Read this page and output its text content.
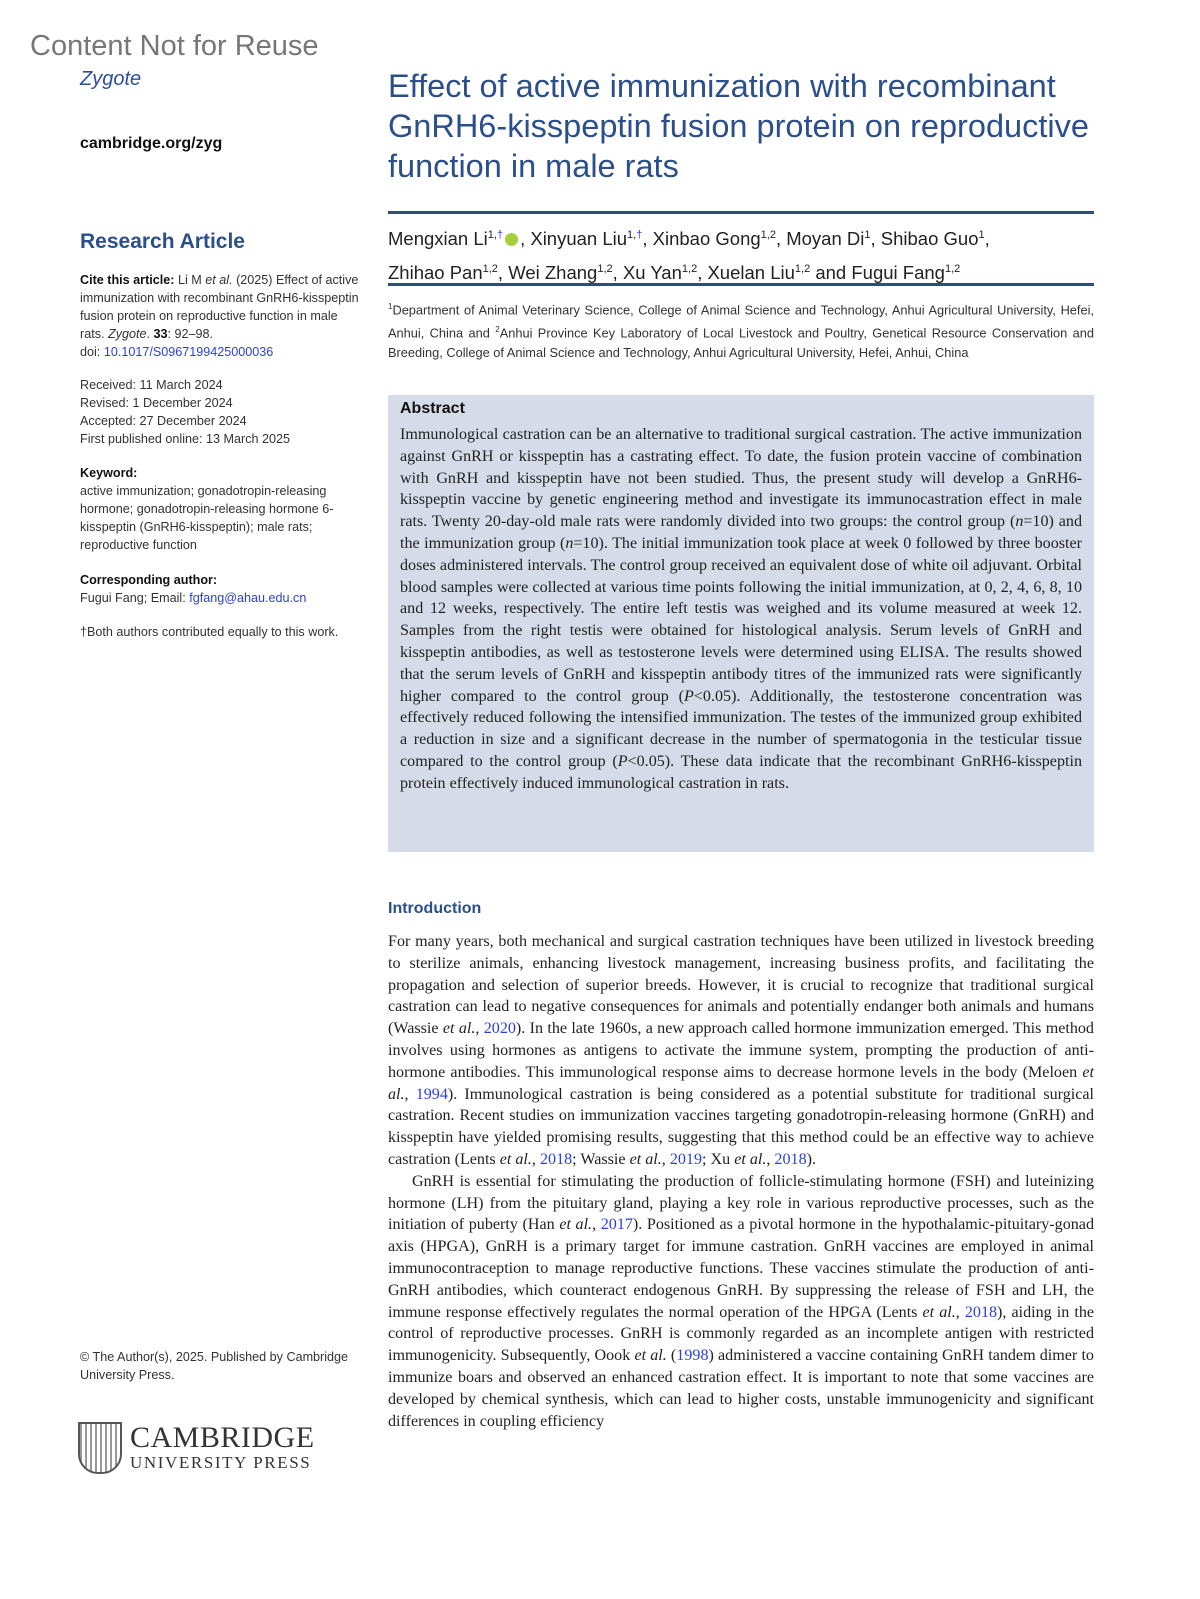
Content Not for Reuse
Zygote
cambridge.org/zyg
Research Article
Cite this article: Li M et al. (2025) Effect of active immunization with recombinant GnRH6-kisspeptin fusion protein on reproductive function in male rats. Zygote. 33: 92–98.
doi: 10.1017/S0967199425000036
Received: 11 March 2024
Revised: 1 December 2024
Accepted: 27 December 2024
First published online: 13 March 2025
Keyword:
active immunization; gonadotropin-releasing hormone; gonadotropin-releasing hormone 6-kisspeptin (GnRH6-kisspeptin); male rats; reproductive function
Corresponding author:
Fugui Fang; Email: fgfang@ahau.edu.cn
†Both authors contributed equally to this work.
© The Author(s), 2025. Published by Cambridge University Press.
CAMBRIDGE
UNIVERSITY PRESS
Effect of active immunization with recombinant GnRH6-kisspeptin fusion protein on reproductive function in male rats
Mengxian $Li^{1,\dagger}$ , Xinyuan Liu$^{1,\dagger}$, Xinbao Gong$^{1,2}$, Moyan Di$^1$, Shibao Guo$^1$,
Zhihao Pan$^{1,2}$, Wei Zhang$^{1,2}$, Xu Yan$^{1,2}$, Xuelan Liu$^{1,2}$ and Fugui Fang$^{1,2}$
$^1$Department of Animal Veterinary Science, College of Animal Science and Technology, Anhui Agricultural University, Hefei, Anhui, China and $^2$Anhui Province Key Laboratory of Local Livestock and Poultry, Genetical Resource Conservation and Breeding, College of Animal Science and Technology, Anhui Agricultural University, Hefei, Anhui, China
Abstract
Immunological castration can be an alternative to traditional surgical castration. The active immunization against GnRH or kisspeptin has a castrating effect. To date, the fusion protein vaccine of combination with GnRH and kisspeptin have not been studied. Thus, the present study will develop a GnRH6-kisspeptin vaccine by genetic engineering method and investigate its immunocastration effect in male rats. Twenty 20-day-old male rats were randomly divided into two groups: the control group (n=10) and the immunization group (n=10). The initial immunization took place at week 0 followed by three booster doses administered intervals. The control group received an equivalent dose of white oil adjuvant. Orbital blood samples were collected at various time points following the initial immunization, at 0, 2, 4, 6, 8, 10 and 12 weeks, respectively. The entire left testis was weighed and its volume measured at week 12. Samples from the right testis were obtained for histological analysis. Serum levels of GnRH and kisspeptin antibodies, as well as testosterone levels were determined using ELISA. The results showed that the serum levels of GnRH and kisspeptin antibody titres of the immunized rats were significantly higher compared to the control group (P<0.05). Additionally, the testosterone concentration was effectively reduced following the intensified immunization. The testes of the immunized group exhibited a reduction in size and a significant decrease in the number of spermatogonia in the testicular tissue compared to the control group (P<0.05). These data indicate that the recombinant GnRH6-kisspeptin protein effectively induced immunological castration in rats.
Introduction

For many years, both mechanical and surgical castration techniques have been utilized in livestock breeding to sterilize animals, enhancing livestock management, increasing business profits, and facilitating the propagation and selection of superior breeds. However, it is crucial to recognize that traditional surgical castration can lead to negative consequences for animals and potentially endanger both animals and humans (Wassie et al., 2020). In the late 1960s, a new approach called hormone immunization emerged. This method involves using hormones as antigens to activate the immune system, prompting the production of anti-hormone antibodies. This immunological response aims to decrease hormone levels in the body (Meloen et al., 1994). Immunological castration is being considered as a potential substitute for traditional surgical castration. Recent studies on immunization vaccines targeting gonadotropin-releasing hormone (GnRH) and kisspeptin have yielded promising results, suggesting that this method could be an effective way to achieve castration (Lents et al., 2018; Wassie et al., 2019; Xu et al., 2018).

GnRH is essential for stimulating the production of follicle-stimulating hormone (FSH) and luteinizing hormone (LH) from the pituitary gland, playing a key role in various reproductive processes, such as the initiation of puberty (Han et al., 2017). Positioned as a pivotal hormone in the hypothalamic-pituitary-gonad axis (HPGA), GnRH is a primary target for immune castration. GnRH vaccines are employed in animal immunocontraception to manage reproductive functions. These vaccines stimulate the production of anti-GnRH antibodies, which counteract endogenous GnRH. By suppressing the release of FSH and LH, the immune response effectively regulates the normal operation of the HPGA (Lents et al., 2018), aiding in the control of reproductive processes. GnRH is commonly regarded as an incomplete antigen with restricted immunogenicity. Subsequently, Oook et al. (1998) administered a vaccine containing GnRH tandem dimer to immunize boars and observed an enhanced castration effect. It is important to note that some vaccines are developed by chemical synthesis, which can lead to higher costs, unstable immunogenicity and significant differences in coupling efficiency
